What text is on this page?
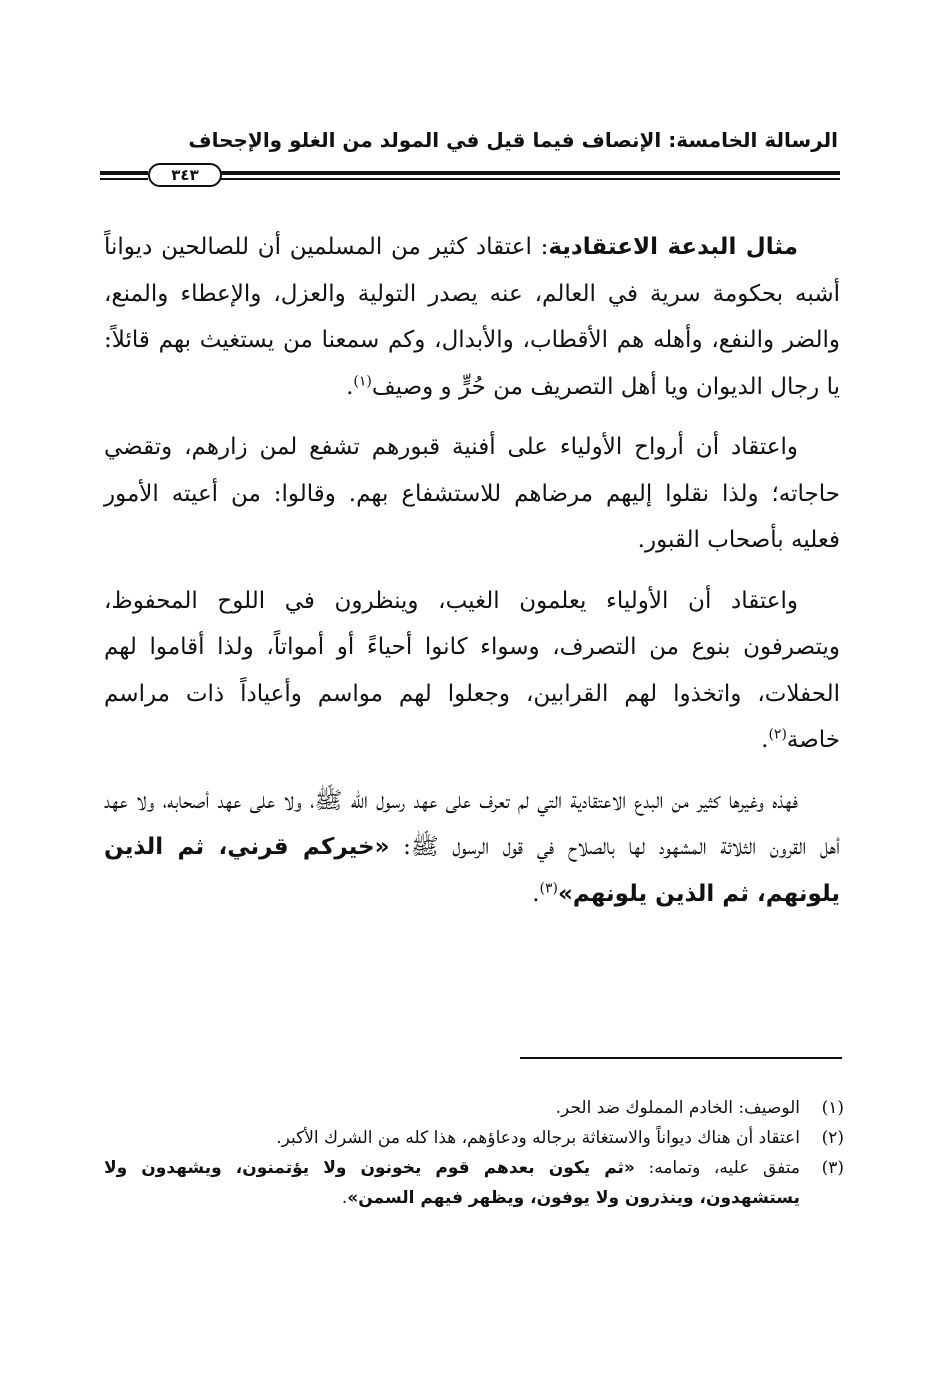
الرسالة الخامسة: الإنصاف فيما قيل في المولد من الغلو والإجحاف
٣٤٣

مثال البدعة الاعتقادية: اعتقاد كثير من المسلمين أن للصالحين ديواناً أشبه بحكومة سرية في العالم، عنه يصدر التولية والعزل، والإعطاء والمنع، والضر والنفع، وأهله هم الأقطاب، والأبدال، وكم سمعنا من يستغيث بهم قائلاً: يا رجال الديوان ويا أهل التصريف من حُرٍّ و وصيف$^{(١)}$.

واعتقاد أن أرواح الأولياء على أفنية قبورهم تشفع لمن زارهم، وتقضي حاجاته؛ ولذا نقلوا إليهم مرضاهم للاستشفاع بهم. وقالوا: من أعيته الأمور فعليه بأصحاب القبور.

واعتقاد أن الأولياء يعلمون الغيب، وينظرون في اللوح المحفوظ، ويتصرفون بنوع من التصرف، وسواء كانوا أحياءً أو أمواتاً، ولذا أقاموا لهم الحفلات، واتخذوا لهم القرابين، وجعلوا لهم مواسم وأعياداً ذات مراسم خاصة$^{(٢)}$.

فهذه وغيرها كثير من البدع الاعتقادية التي لم تعرف على عهد رسول الله ﷺ، ولا على عهد أصحابه، ولا عهد أهل القرون الثلاثة المشهود لها بالصلاح في قول الرسول ﷺ: «خيركم قرني، ثم الذين يلونهم، ثم الذين يلونهم»$^{(٣)}$.

(١)
الوصيف: الخادم المملوك ضد الحر.
(٢)
اعتقاد أن هناك ديواناً والاستغاثة برجاله ودعاؤهم، هذا كله من الشرك الأكبر.
(٣)
متفق عليه، وتمامه: «ثم يكون بعدهم قوم يخونون ولا يؤتمنون، ويشهدون ولا يستشهدون، وينذرون ولا يوفون، ويظهر فيهم السمن».
